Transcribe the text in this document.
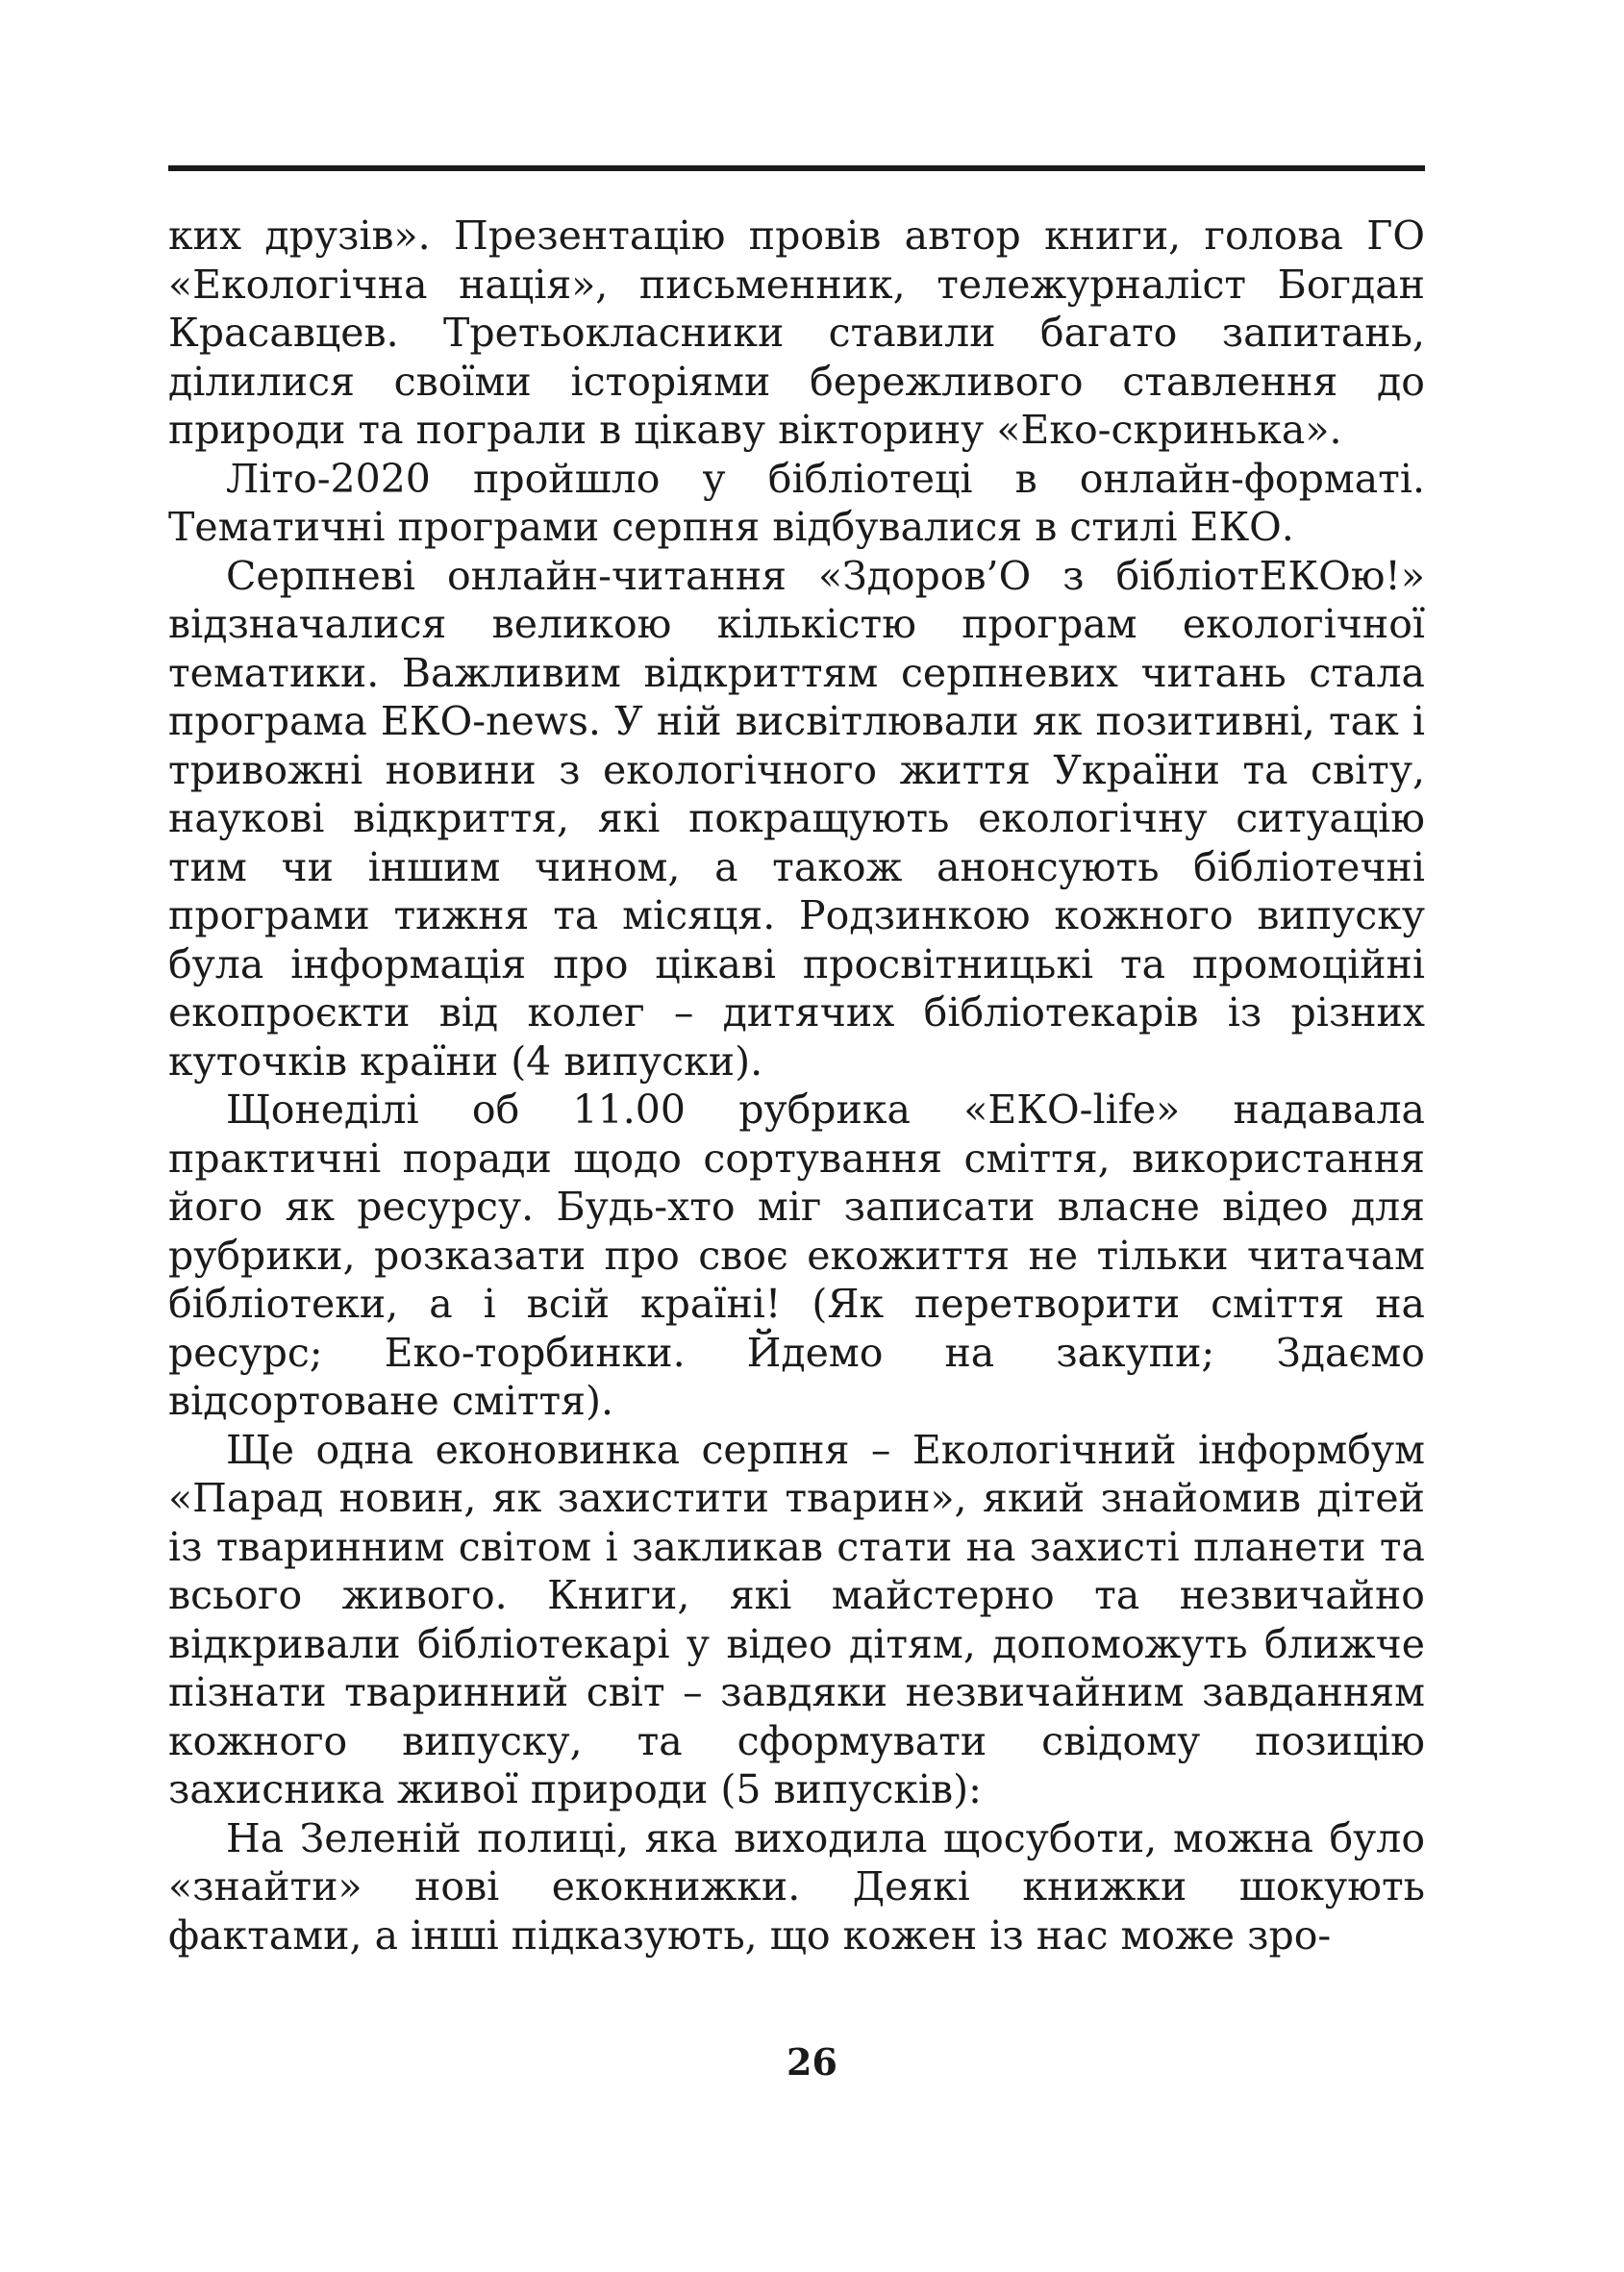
ких друзів». Презентацію провів автор книги, голова ГО «Екологічна нація», письменник, тележурналіст Богдан Красавцев. Третьокласники ставили багато запитань, ділилися своїми історіями бережливого ставлення до природи та пограли в цікаву вікторину «Еко-скринька».

Літо-2020 пройшло у бібліотеці в онлайн-форматі. Тематичні програми серпня відбувалися в стилі ЕКО.

Серпневі онлайн-читання «Здоров’О з бібліотЕКОю!» відзначалися великою кількістю програм екологічної тематики. Важливим відкриттям серпневих читань стала програма ЕКО-news. У ній висвітлювали як позитивні, так і тривожні новини з екологічного життя України та світу, наукові відкриття, які покращують екологічну ситуацію тим чи іншим чином, а також анонсують бібліотечні програми тижня та місяця. Родзинкою кожного випуску була інформація про цікаві просвітницькі та промоційні екопроєкти від колег – дитячих бібліотекарів із різних куточків країни (4 випуски).

Щонеділі об 11.00 рубрика «ЕКО-life» надавала практичні поради щодо сортування сміття, використання його як ресурсу. Будь-хто міг записати власне відео для рубрики, розказати про своє екожиття не тільки читачам бібліотеки, а і всій країні! (Як перетворити сміття на ресурс; Еко-торбинки. Йдемо на закупи; Здаємо відсортоване сміття).

Ще одна еконовинка серпня – Екологічний інформбум «Парад новин, як захистити тварин», який знайомив дітей із тваринним світом і закликав стати на захисті планети та всього живого. Книги, які майстерно та незвичайно відкривали бібліотекарі у відео дітям, допоможуть ближче пізнати тваринний світ – завдяки незвичайним завданням кожного випуску, та сформувати свідому позицію захисника живої природи (5 випусків):

На Зеленій полиці, яка виходила щосуботи, можна було «знайти» нові екокнижки. Деякі книжки шокують фактами, а інші підказують, що кожен із нас може зро-

26
